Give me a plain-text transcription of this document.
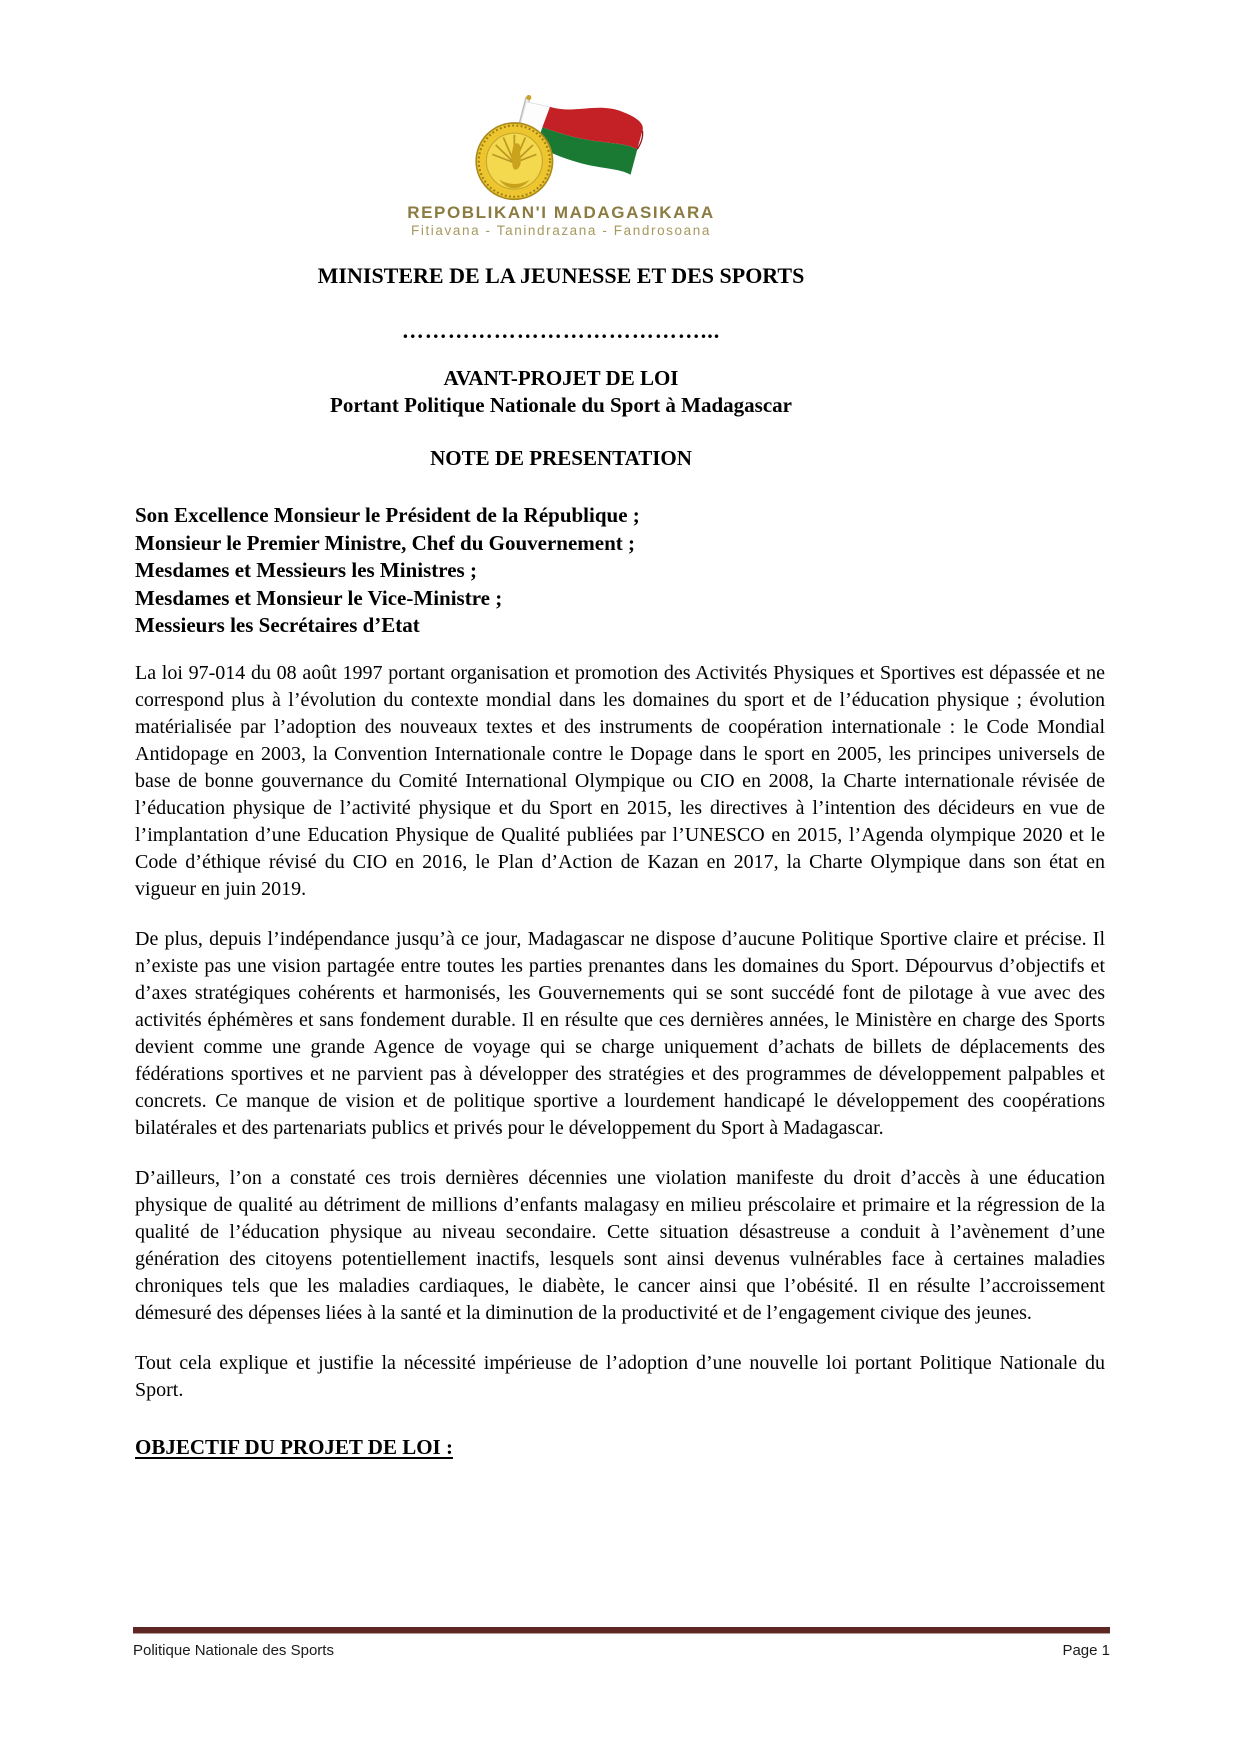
REPOBLIKAN'I MADAGASIKARA
Fitiavana - Tanindrazana - Fandrosoana
MINISTERE DE LA JEUNESSE ET DES SPORTS
…………………………………...
AVANT-PROJET DE LOI
Portant Politique Nationale du Sport à Madagascar
NOTE DE PRESENTATION
Son Excellence Monsieur le Président de la République ;
Monsieur le Premier Ministre, Chef du Gouvernement ;
Mesdames et Messieurs les Ministres ;
Mesdames et Monsieur le Vice-Ministre ;
Messieurs les Secrétaires d’Etat

La loi 97-014 du 08 août 1997 portant organisation et promotion des Activités Physiques et Sportives est dépassée et ne correspond plus à l’évolution du contexte mondial dans les domaines du sport et de l’éducation physique ; évolution matérialisée par l’adoption des nouveaux textes et des instruments de coopération internationale : le Code Mondial Antidopage en 2003, la Convention Internationale contre le Dopage dans le sport en 2005, les principes universels de base de bonne gouvernance du Comité International Olympique ou CIO en 2008, la Charte internationale révisée de l’éducation physique de l’activité physique et du Sport en 2015, les directives à l’intention des décideurs en vue de l’implantation d’une Education Physique de Qualité publiées par l’UNESCO en 2015, l’Agenda olympique 2020 et le Code d’éthique révisé du CIO en 2016, le Plan d’Action de Kazan en 2017, la Charte Olympique dans son état en vigueur en juin 2019.

De plus, depuis l’indépendance jusqu’à ce jour, Madagascar ne dispose d’aucune Politique Sportive claire et précise. Il n’existe pas une vision partagée entre toutes les parties prenantes dans les domaines du Sport. Dépourvus d’objectifs et d’axes stratégiques cohérents et harmonisés, les Gouvernements qui se sont succédé font de pilotage à vue avec des activités éphémères et sans fondement durable. Il en résulte que ces dernières années, le Ministère en charge des Sports devient comme une grande Agence de voyage qui se charge uniquement d’achats de billets de déplacements des fédérations sportives et ne parvient pas à développer des stratégies et des programmes de développement palpables et concrets. Ce manque de vision et de politique sportive a lourdement handicapé le développement des coopérations bilatérales et des partenariats publics et privés pour le développement du Sport à Madagascar.

D’ailleurs, l’on a constaté ces trois dernières décennies une violation manifeste du droit d’accès à une éducation physique de qualité au détriment de millions d’enfants malagasy en milieu préscolaire et primaire et la régression de la qualité de l’éducation physique au niveau secondaire. Cette situation désastreuse a conduit à l’avènement d’une génération des citoyens potentiellement inactifs, lesquels sont ainsi devenus vulnérables face à certaines maladies chroniques tels que les maladies cardiaques, le diabète, le cancer ainsi que l’obésité. Il en résulte l’accroissement démesuré des dépenses liées à la santé et la diminution de la productivité et de l’engagement civique des jeunes.

Tout cela explique et justifie la nécessité impérieuse de l’adoption d’une nouvelle loi portant Politique Nationale du Sport.

OBJECTIF DU PROJET DE LOI :
Politique Nationale des Sports	Page 1
